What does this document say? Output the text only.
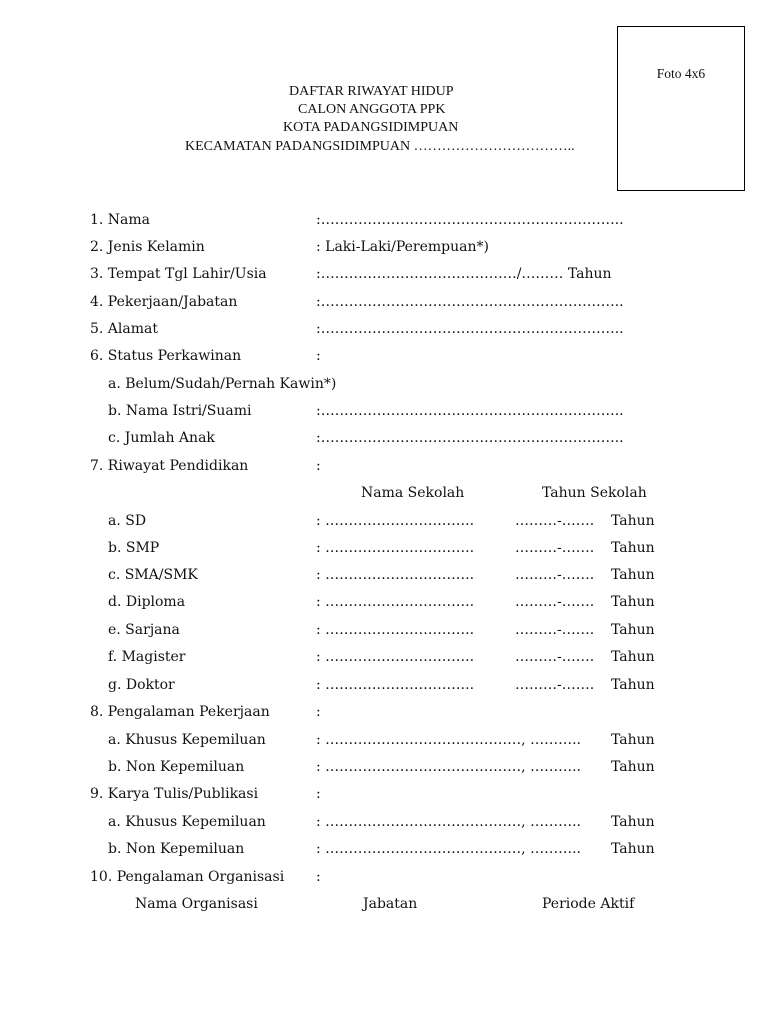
Foto 4x6
DAFTAR RIWAYAT HIDUP
CALON ANGGOTA PPK
KOTA PADANGSIDIMPUAN
KECAMATAN PADANGSIDIMPUAN ……………………………..
1. Nama	:………………………………………………………..
2. Jenis Kelamin	: Laki-Laki/Perempuan*)
3. Tempat Tgl Lahir/Usia	:……………………………………/……… Tahun
4. Pekerjaan/Jabatan	:………………………………………………………..
5. Alamat	:………………………………………………………..
6. Status Perkawinan	:
a. Belum/Sudah/Pernah Kawin*)
b. Nama Istri/Suami	:………………………………………………………..
c. Jumlah Anak	:………………………………………………………..
7. Riwayat Pendidikan	:
Nama Sekolah	Tahun Sekolah
a. SD	: …………………………..	………-……. Tahun
b. SMP	: …………………………..	………-……. Tahun
c. SMA/SMK	: …………………………..	………-……. Tahun
d. Diploma	: …………………………..	………-……. Tahun
e. Sarjana	: …………………………..	………-……. Tahun
f. Magister	: …………………………..	………-……. Tahun
g. Doktor	: …………………………..	………-……. Tahun
8. Pengalaman Pekerjaan	:
a. Khusus Kepemiluan	: ……………………………………, ……….. Tahun
b. Non Kepemiluan	: ……………………………………, ……….. Tahun
9. Karya Tulis/Publikasi	:
a. Khusus Kepemiluan	: ……………………………………, ……….. Tahun
b. Non Kepemiluan	: ……………………………………, ……….. Tahun
10. Pengalaman Organisasi :
Nama Organisasi	Jabatan	Periode Aktif
